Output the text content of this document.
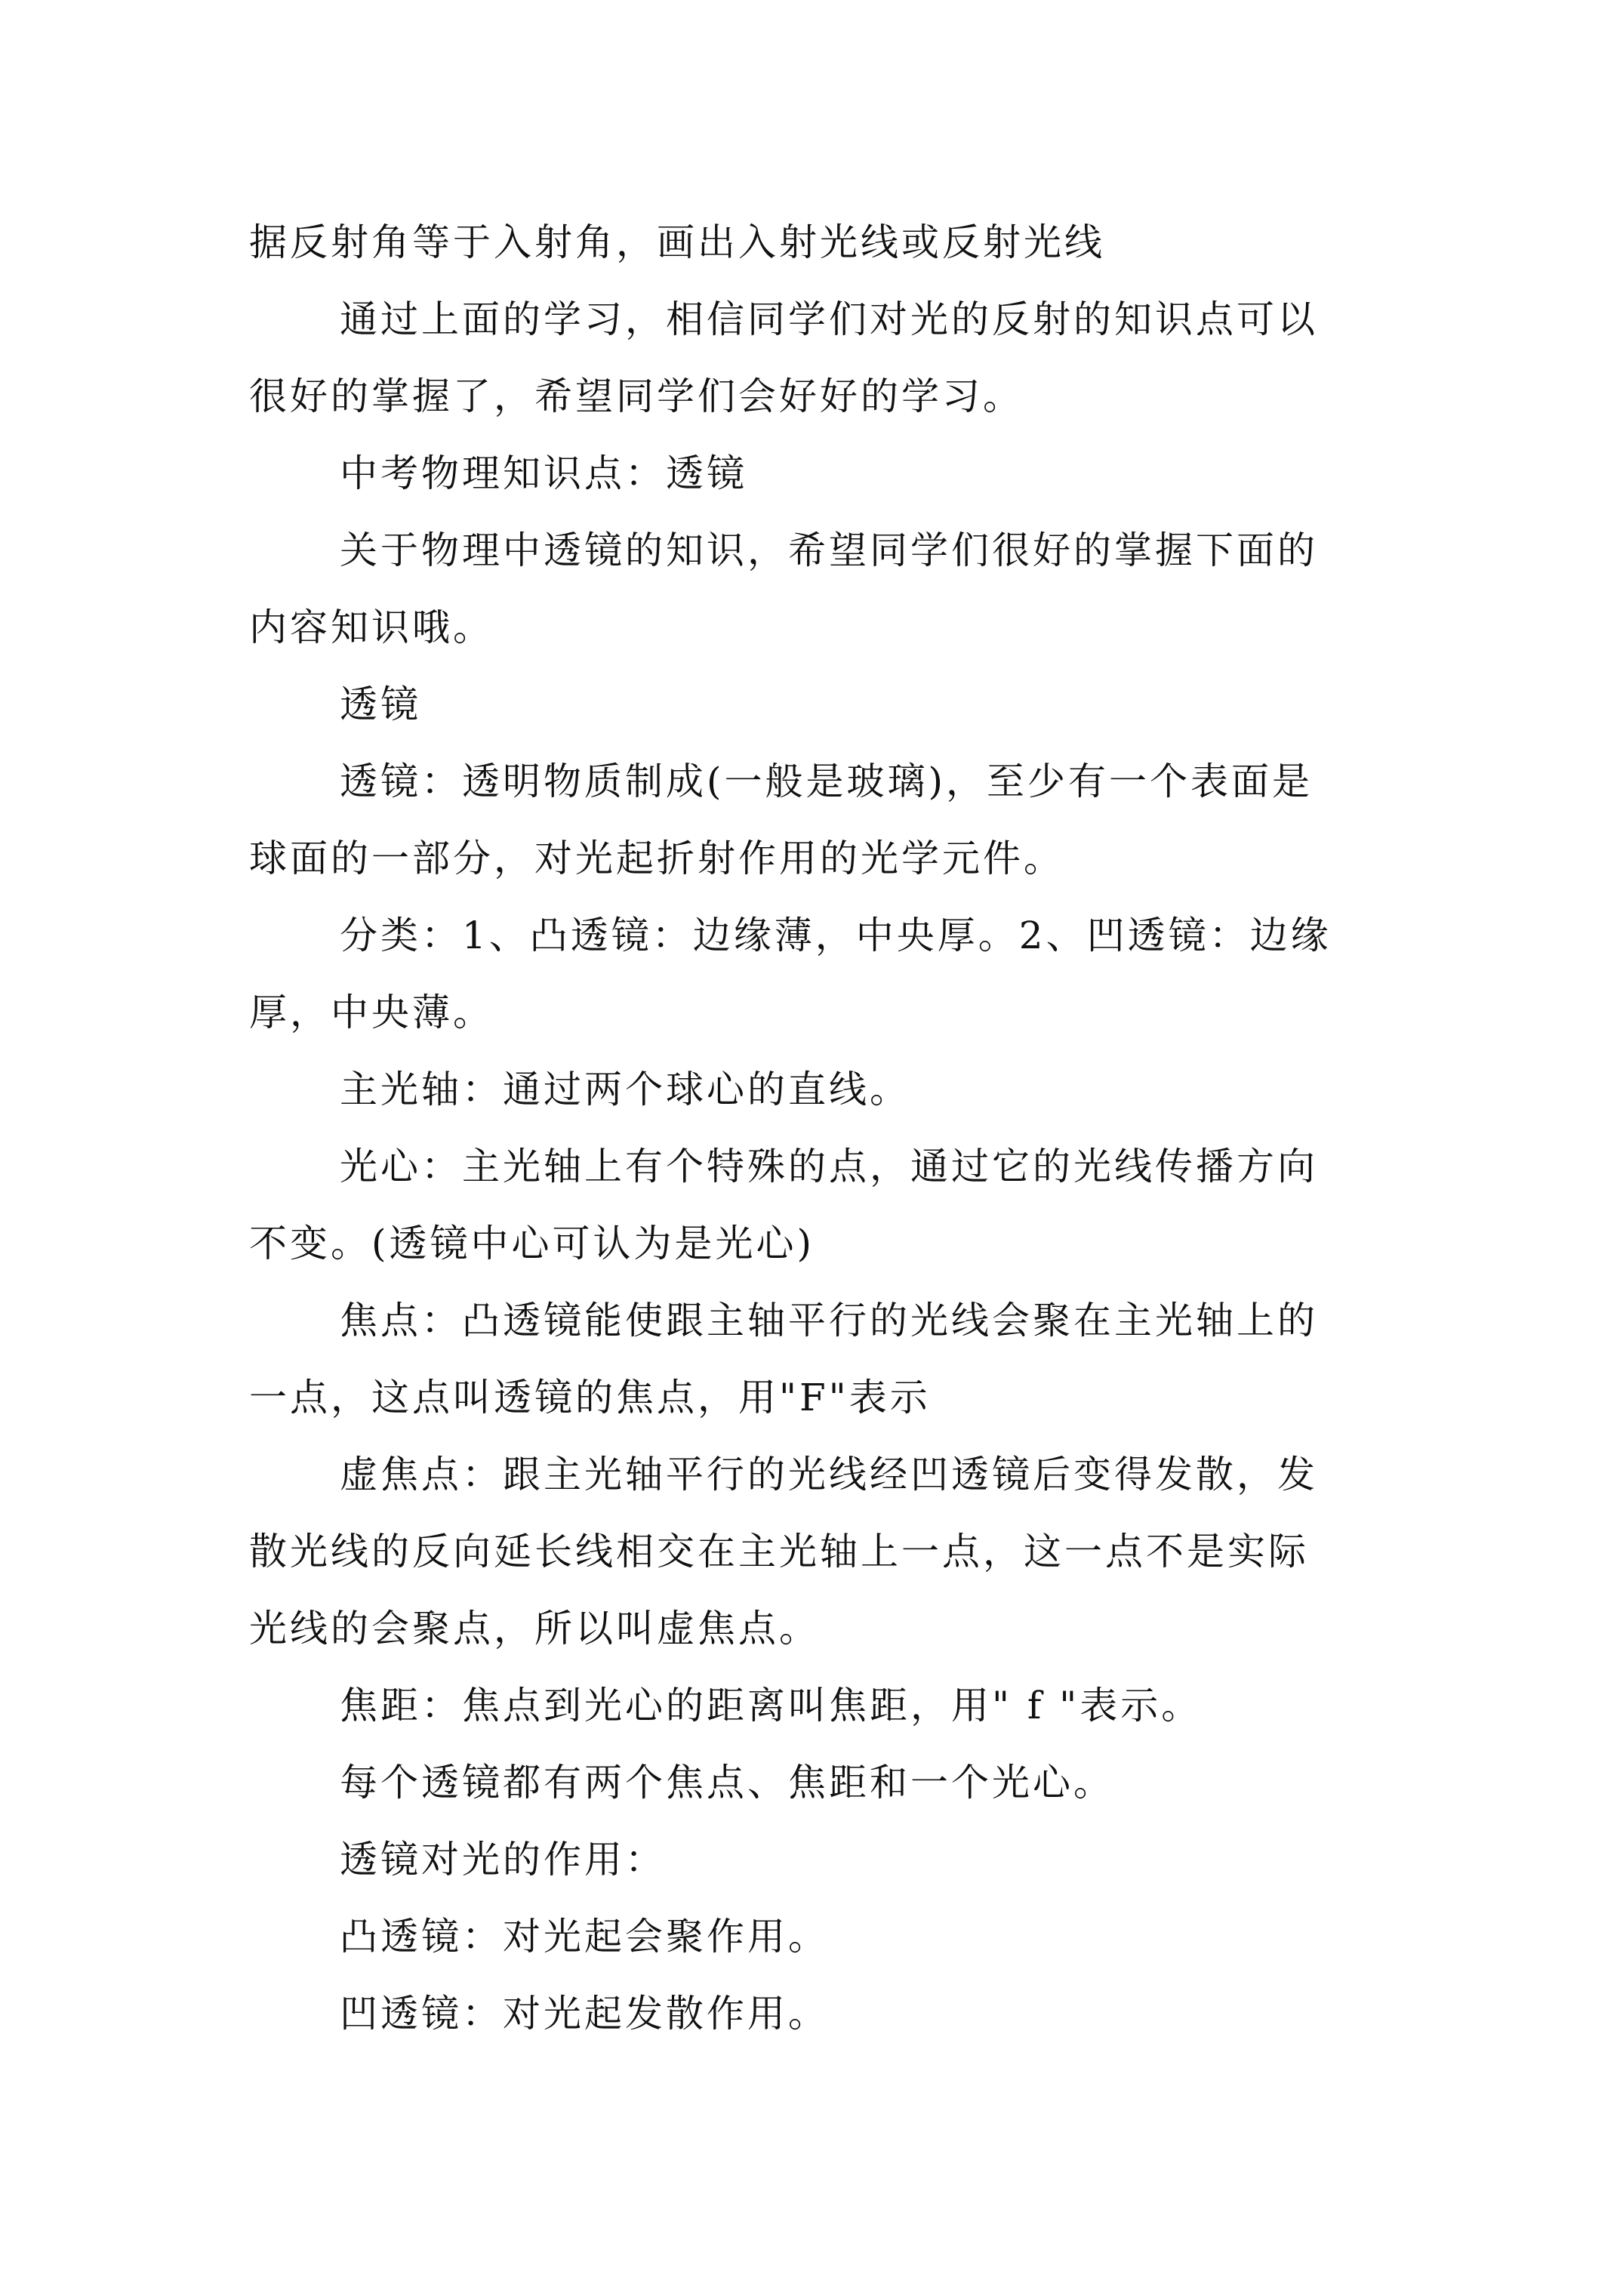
据反射角等于入射角，画出入射光线或反射光线
通过上面的学习，相信同学们对光的反射的知识点可以
很好的掌握了，希望同学们会好好的学习。
中考物理知识点：透镜
关于物理中透镜的知识，希望同学们很好的掌握下面的
内容知识哦。
透镜
透镜：透明物质制成(一般是玻璃)，至少有一个表面是
球面的一部分，对光起折射作用的光学元件。
分类：1、凸透镜：边缘薄，中央厚。2、凹透镜：边缘
厚，中央薄。
主光轴：通过两个球心的直线。
光心：主光轴上有个特殊的点，通过它的光线传播方向
不变。(透镜中心可认为是光心)
焦点：凸透镜能使跟主轴平行的光线会聚在主光轴上的
一点，这点叫透镜的焦点，用"F"表示
虚焦点：跟主光轴平行的光线经凹透镜后变得发散，发
散光线的反向延长线相交在主光轴上一点，这一点不是实际
光线的会聚点，所以叫虚焦点。
焦距：焦点到光心的距离叫焦距，用" f "表示。
每个透镜都有两个焦点、焦距和一个光心。
透镜对光的作用：
凸透镜：对光起会聚作用。
凹透镜：对光起发散作用。
